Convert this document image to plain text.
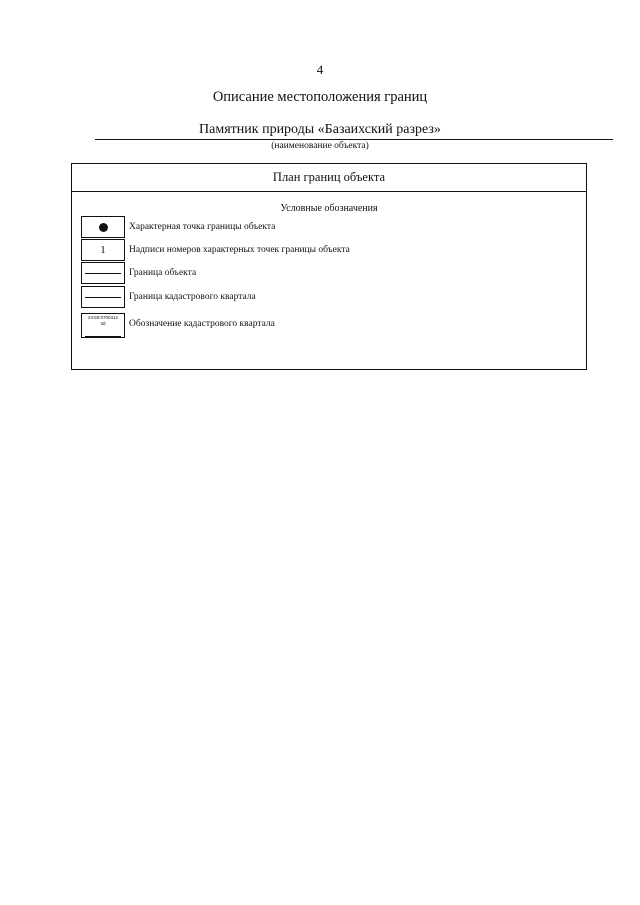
4
Описание местоположения границ
Памятник природы «Базаихский разрез»
(наименование объекта)
План границ объекта
Условные обозначения
Характерная точка границы объекта
1	Надписи номеров характерных точек границы объекта
Граница объекта
Граница кадастрового квартала
24:50:0700412
3d	Обозначение кадастрового квартала
